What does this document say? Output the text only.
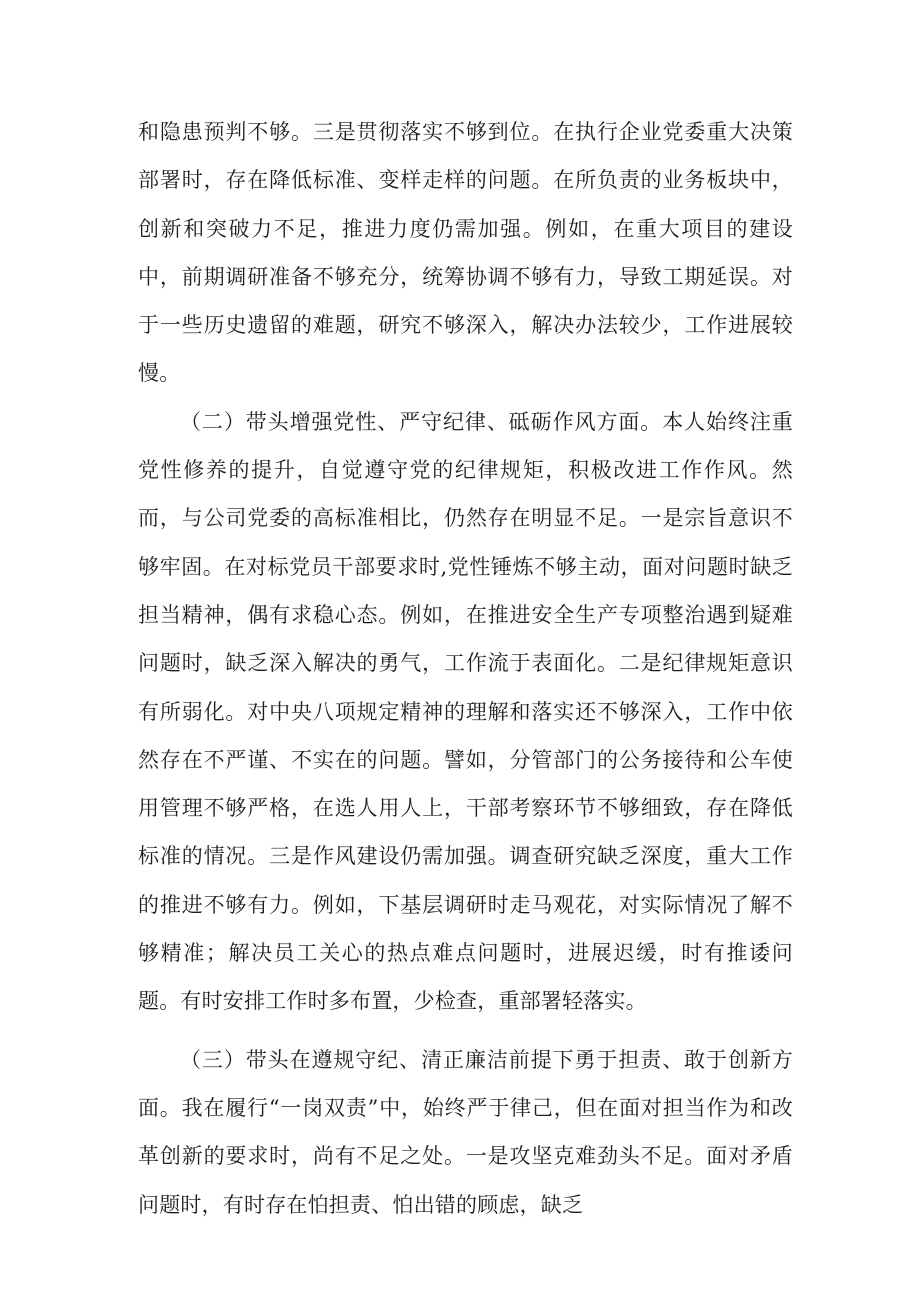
和隐患预判不够。三是贯彻落实不够到位。在执行企业党委重大决策部署时，存在降低标准、变样走样的问题。在所负责的业务板块中，创新和突破力不足，推进力度仍需加强。例如，在重大项目的建设中，前期调研准备不够充分，统筹协调不够有力，导致工期延误。对于一些历史遗留的难题，研究不够深入，解决办法较少，工作进展较慢。

（二）带头增强党性、严守纪律、砥砺作风方面。本人始终注重党性修养的提升，自觉遵守党的纪律规矩，积极改进工作作风。然而，与公司党委的高标准相比，仍然存在明显不足。一是宗旨意识不够牢固。在对标党员干部要求时,党性锤炼不够主动，面对问题时缺乏担当精神，偶有求稳心态。例如，在推进安全生产专项整治遇到疑难问题时，缺乏深入解决的勇气，工作流于表面化。二是纪律规矩意识有所弱化。对中央八项规定精神的理解和落实还不够深入，工作中依然存在不严谨、不实在的问题。譬如，分管部门的公务接待和公车使用管理不够严格，在选人用人上，干部考察环节不够细致，存在降低标准的情况。三是作风建设仍需加强。调查研究缺乏深度，重大工作的推进不够有力。例如，下基层调研时走马观花，对实际情况了解不够精准；解决员工关心的热点难点问题时，进展迟缓，时有推诿问题。有时安排工作时多布置，少检查，重部署轻落实。

（三）带头在遵规守纪、清正廉洁前提下勇于担责、敢于创新方面。我在履行“一岗双责”中，始终严于律己，但在面对担当作为和改革创新的要求时，尚有不足之处。一是攻坚克难劲头不足。面对矛盾问题时，有时存在怕担责、怕出错的顾虑，缺乏
